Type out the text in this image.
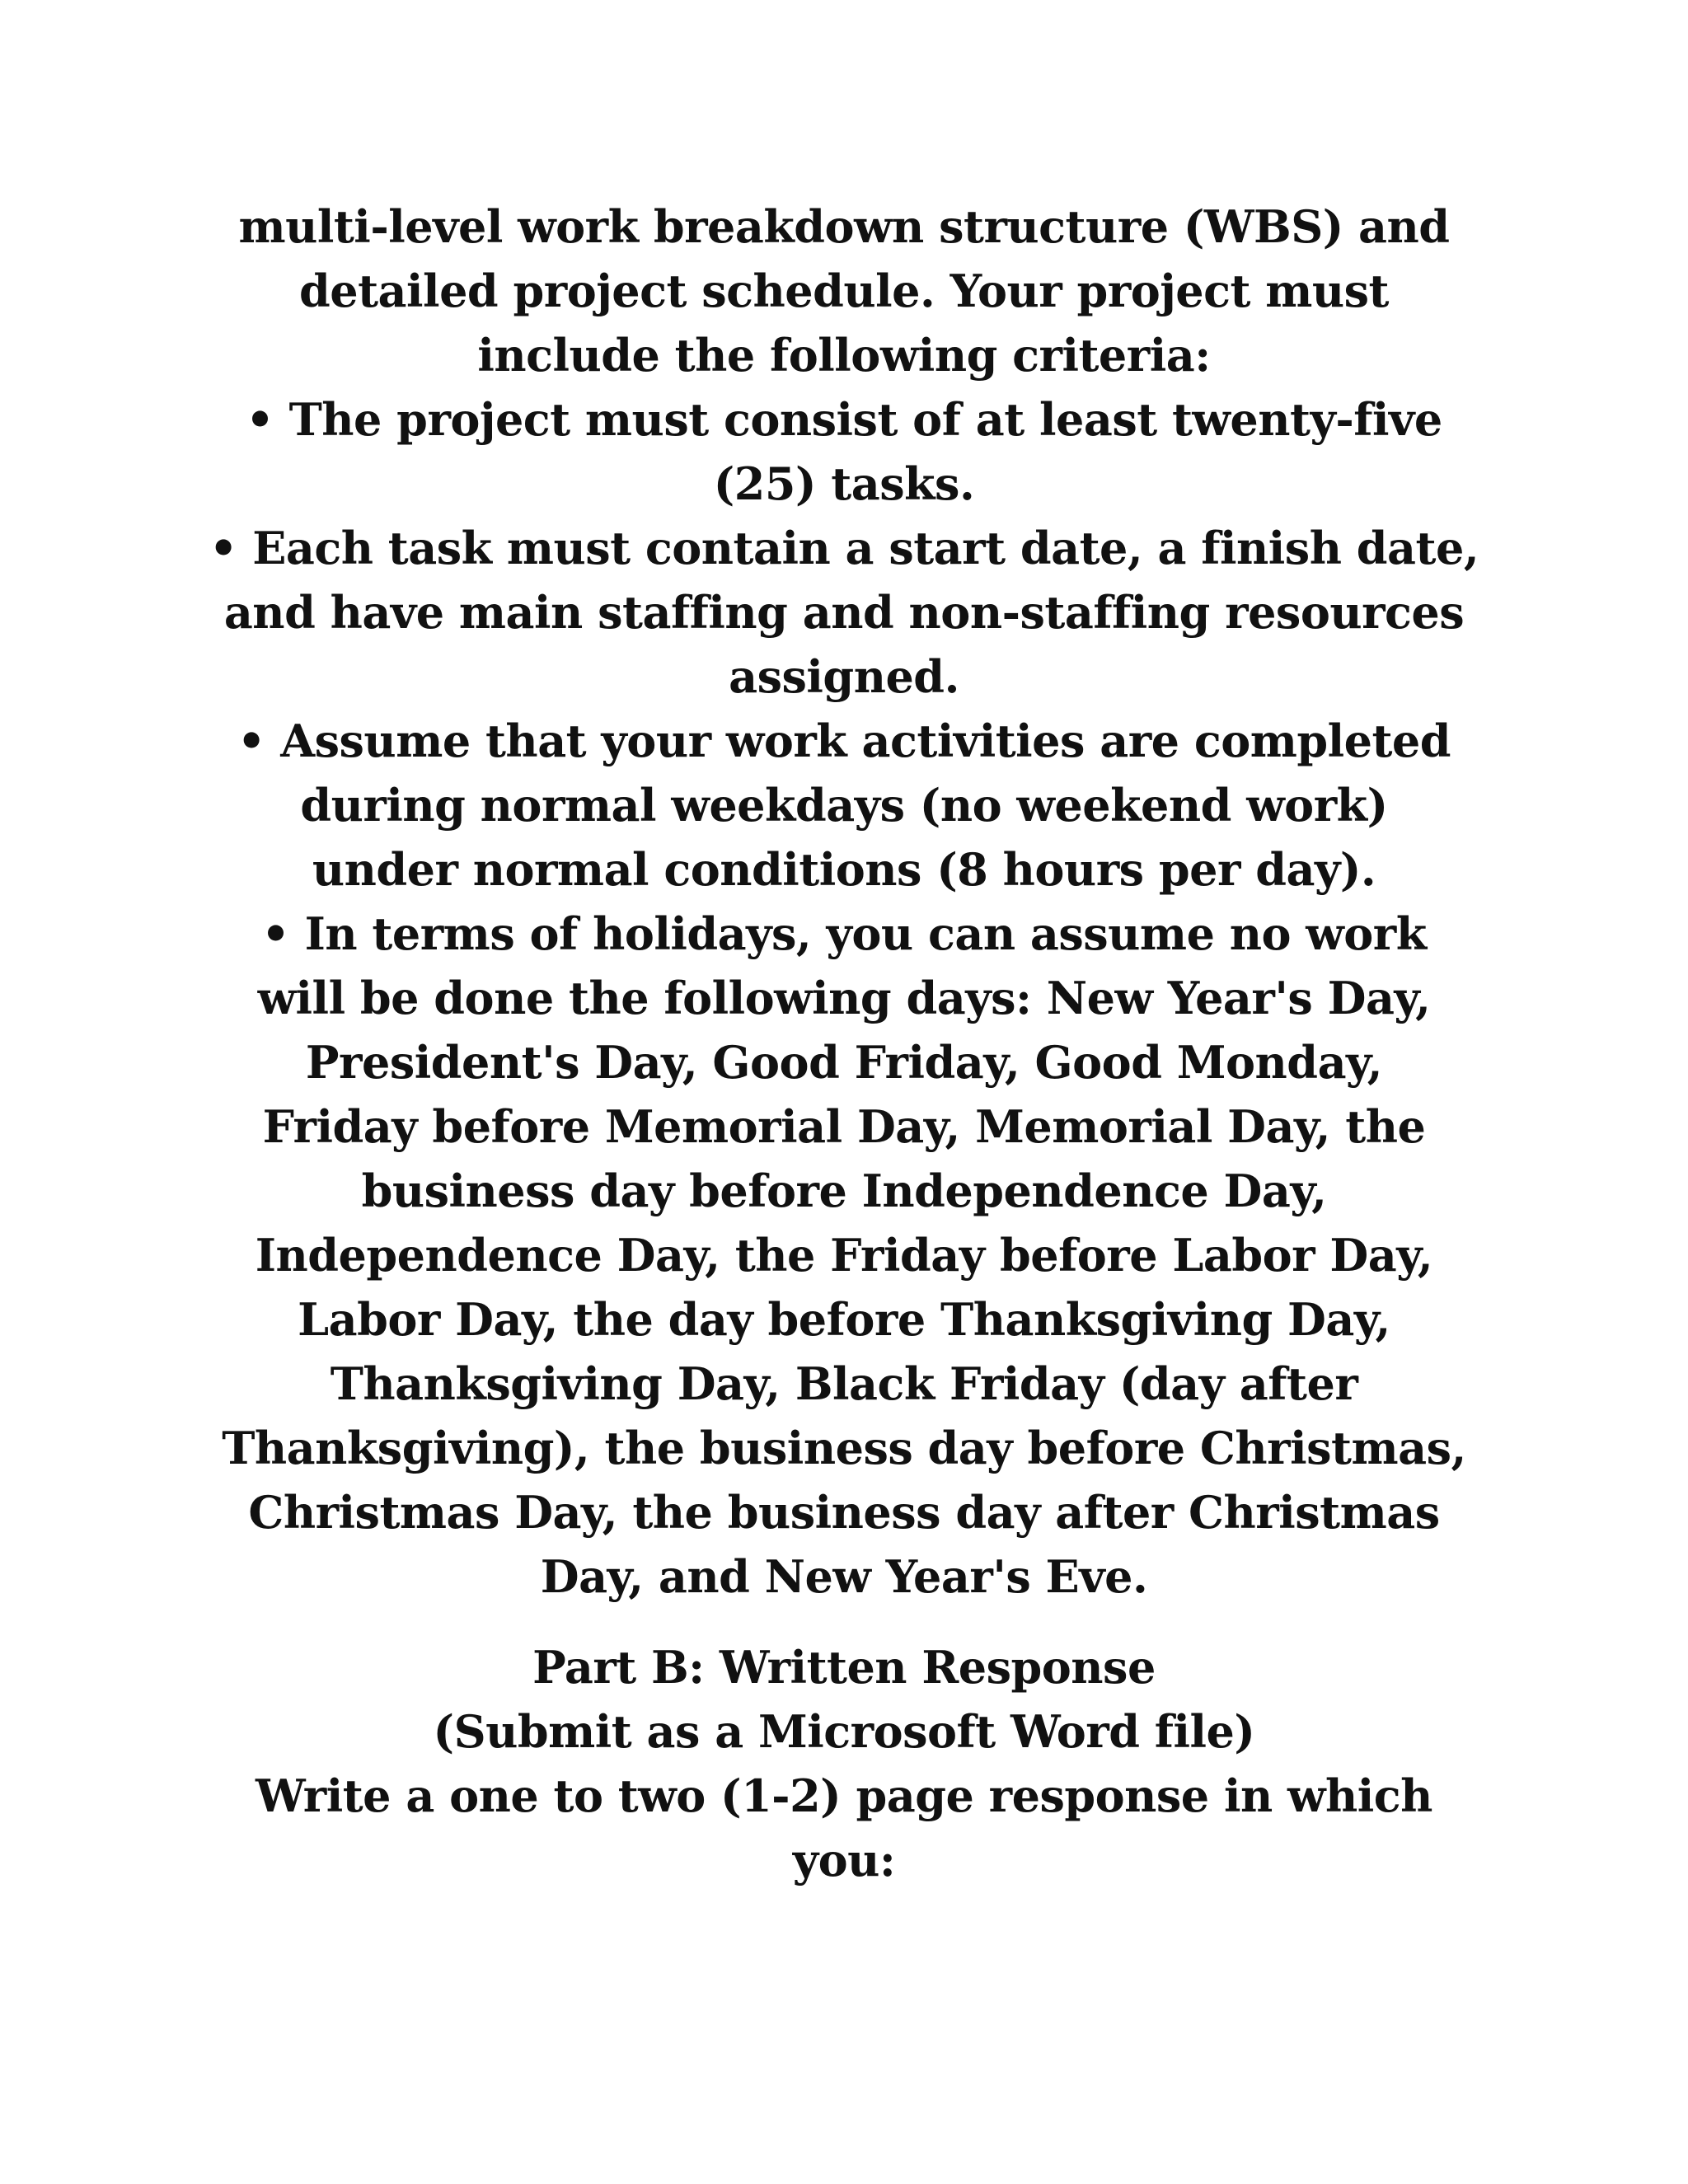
multi-level work breakdown structure (WBS) and
detailed project schedule. Your project must
include the following criteria:
• The project must consist of at least twenty-five
(25) tasks.
• Each task must contain a start date, a finish date,
and have main staffing and non-staffing resources
assigned.
• Assume that your work activities are completed
during normal weekdays (no weekend work)
under normal conditions (8 hours per day).
• In terms of holidays, you can assume no work
will be done the following days: New Year's Day,
President's Day, Good Friday, Good Monday,
Friday before Memorial Day, Memorial Day, the
business day before Independence Day,
Independence Day, the Friday before Labor Day,
Labor Day, the day before Thanksgiving Day,
Thanksgiving Day, Black Friday (day after
Thanksgiving), the business day before Christmas,
Christmas Day, the business day after Christmas
Day, and New Year's Eve.
Part B: Written Response
(Submit as a Microsoft Word file)
Write a one to two (1-2) page response in which
you:
